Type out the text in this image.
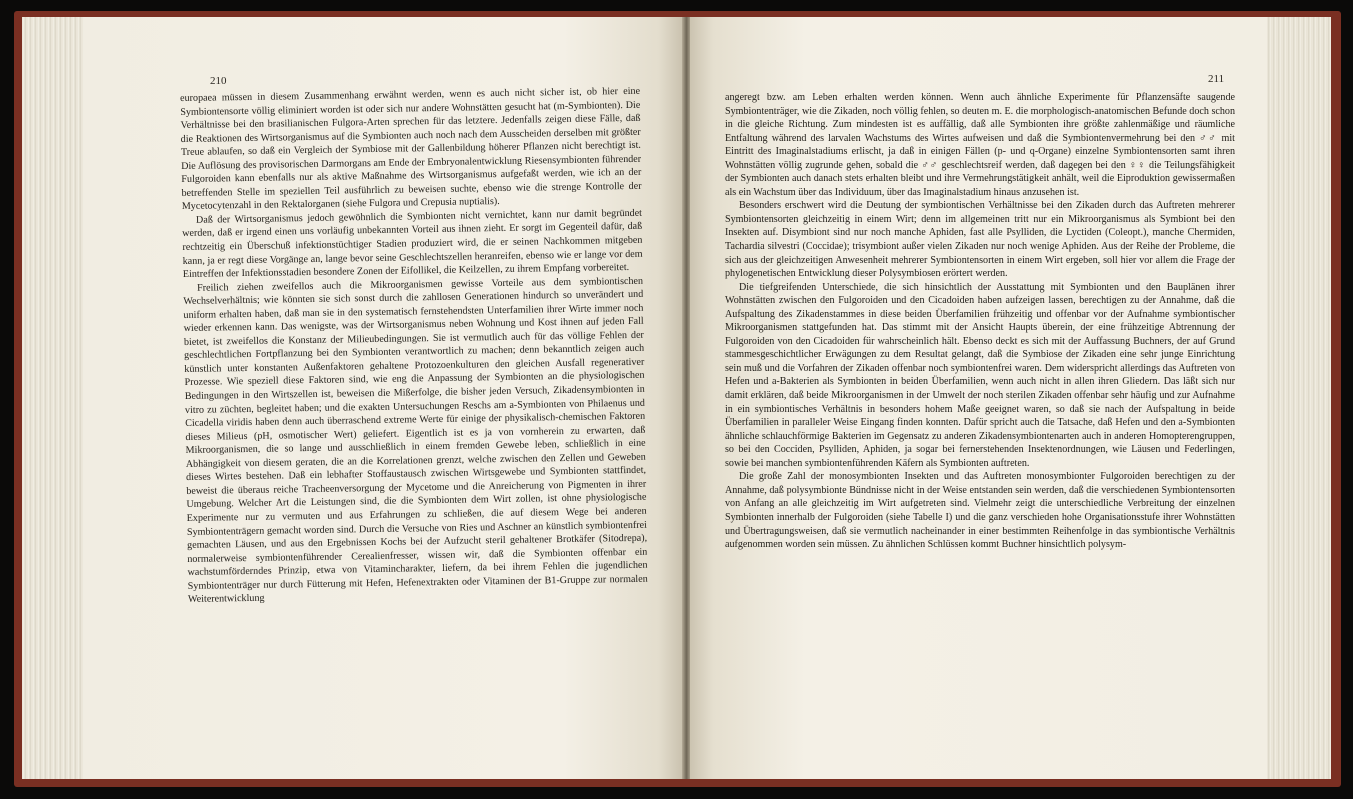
210

europaea müssen in diesem Zusammenhang erwähnt werden, wenn es auch nicht sicher ist, ob hier eine Symbiontensorte völlig eliminiert worden ist oder sich nur andere Wohnstätten gesucht hat (m-Symbionten). Die Verhältnisse bei den brasilianischen Fulgora-Arten sprechen für das letztere. Jedenfalls zeigen diese Fälle, daß die Reaktionen des Wirtsorganismus auf die Symbionten auch noch nach dem Ausscheiden derselben mit größter Treue ablaufen, so daß ein Vergleich der Symbiose mit der Gallenbildung höherer Pflanzen nicht berechtigt ist. Die Auflösung des provisorischen Darmorgans am Ende der Embryonalentwicklung Riesensymbionten führender Fulgoroiden kann ebenfalls nur als aktive Maßnahme des Wirtsorganismus aufgefaßt werden, wie ich an der betreffenden Stelle im speziellen Teil ausführlich zu beweisen suchte, ebenso wie die strenge Kontrolle der Mycetocytenzahl in den Rektalorganen (siehe Fulgora und Crepusia nuptialis).

Daß der Wirtsorganismus jedoch gewöhnlich die Symbionten nicht vernichtet, kann nur damit begründet werden, daß er irgend einen uns vorläufig unbekannten Vorteil aus ihnen zieht. Er sorgt im Gegenteil dafür, daß rechtzeitig ein Überschuß infektionstüchtiger Stadien produziert wird, die er seinen Nachkommen mitgeben kann, ja er regt diese Vorgänge an, lange bevor seine Geschlechtszellen heranreifen, ebenso wie er lange vor dem Eintreffen der Infektionsstadien besondere Zonen der Eifollikel, die Keilzellen, zu ihrem Empfang vorbereitet.

Freilich ziehen zweifellos auch die Mikroorganismen gewisse Vorteile aus dem symbiontischen Wechselverhältnis; wie könnten sie sich sonst durch die zahllosen Generationen hindurch so unverändert und uniform erhalten haben, daß man sie in den systematisch fernstehendsten Unterfamilien ihrer Wirte immer noch wieder erkennen kann. Das wenigste, was der Wirtsorganismus neben Wohnung und Kost ihnen auf jeden Fall bietet, ist zweifellos die Konstanz der Milieubedingungen. Sie ist vermutlich auch für das völlige Fehlen der geschlechtlichen Fortpflanzung bei den Symbionten verantwortlich zu machen; denn bekanntlich zeigen auch künstlich unter konstanten Außenfaktoren gehaltene Protozoenkulturen den gleichen Ausfall regenerativer Prozesse. Wie speziell diese Faktoren sind, wie eng die Anpassung der Symbionten an die physiologischen Bedingungen in den Wirtszellen ist, beweisen die Mißerfolge, die bisher jeden Versuch, Zikadensymbionten in vitro zu züchten, begleitet haben; und die exakten Untersuchungen Reschs am a-Symbionten von Philaenus und Cicadella viridis haben denn auch überraschend extreme Werte für einige der physikalisch-chemischen Faktoren dieses Milieus (pH, osmotischer Wert) geliefert. Eigentlich ist es ja von vornherein zu erwarten, daß Mikroorganismen, die so lange und ausschließlich in einem fremden Gewebe leben, schließlich in eine Abhängigkeit von diesem geraten, die an die Korrelationen grenzt, welche zwischen den Zellen und Geweben dieses Wirtes bestehen. Daß ein lebhafter Stoffaustausch zwischen Wirtsgewebe und Symbionten stattfindet, beweist die überaus reiche Tracheenversorgung der Mycetome und die Anreicherung von Pigmenten in ihrer Umgebung. Welcher Art die Leistungen sind, die die Symbionten dem Wirt zollen, ist ohne physiologische Experimente nur zu vermuten und aus Erfahrungen zu schließen, die auf diesem Wege bei anderen Symbiontenträgern gemacht worden sind. Durch die Versuche von Ries und Aschner an künstlich symbiontenfrei gemachten Läusen, und aus den Ergebnissen Kochs bei der Aufzucht steril gehaltener Brotkäfer (Sitodrepa), normalerweise symbiontenführender Cerealienfresser, wissen wir, daß die Symbionten offenbar ein wachstumförderndes Prinzip, etwa von Vitamincharakter, liefern, da bei ihrem Fehlen die jugendlichen Symbiontenträger nur durch Fütterung mit Hefen, Hefenextrakten oder Vitaminen der B1-Gruppe zur normalen Weiterentwicklung

211

angeregt bzw. am Leben erhalten werden können. Wenn auch ähnliche Experimente für Pflanzensäfte saugende Symbiontenträger, wie die Zikaden, noch völlig fehlen, so deuten m. E. die morphologisch-anatomischen Befunde doch schon in die gleiche Richtung. Zum mindesten ist es auffällig, daß alle Symbionten ihre größte zahlenmäßige und räumliche Entfaltung während des larvalen Wachstums des Wirtes aufweisen und daß die Symbiontenvermehrung bei den ♂♂ mit Eintritt des Imaginalstadiums erlischt, ja daß in einigen Fällen (p- und q-Organe) einzelne Symbiontensorten samt ihren Wohnstätten völlig zugrunde gehen, sobald die ♂♂ geschlechtsreif werden, daß dagegen bei den ♀♀ die Teilungsfähigkeit der Symbionten auch danach stets erhalten bleibt und ihre Vermehrungstätigkeit anhält, weil die Eiproduktion gewissermaßen als ein Wachstum über das Individuum, über das Imaginalstadium hinaus anzusehen ist.

Besonders erschwert wird die Deutung der symbiontischen Verhältnisse bei den Zikaden durch das Auftreten mehrerer Symbiontensorten gleichzeitig in einem Wirt; denn im allgemeinen tritt nur ein Mikroorganismus als Symbiont bei den Insekten auf. Disymbiont sind nur noch manche Aphiden, fast alle Psylliden, die Lyctiden (Coleopt.), manche Chermiden, Tachardia silvestri (Coccidae); trisymbiont außer vielen Zikaden nur noch wenige Aphiden. Aus der Reihe der Probleme, die sich aus der gleichzeitigen Anwesenheit mehrerer Symbiontensorten in einem Wirt ergeben, soll hier vor allem die Frage der phylogenetischen Entwicklung dieser Polysymbiosen erörtert werden.

Die tiefgreifenden Unterschiede, die sich hinsichtlich der Ausstattung mit Symbionten und den Bauplänen ihrer Wohnstätten zwischen den Fulgoroiden und den Cicadoiden haben aufzeigen lassen, berechtigen zu der Annahme, daß die Aufspaltung des Zikadenstammes in diese beiden Überfamilien frühzeitig und offenbar vor der Aufnahme symbiontischer Mikroorganismen stattgefunden hat. Das stimmt mit der Ansicht Haupts überein, der eine frühzeitige Abtrennung der Fulgoroiden von den Cicadoiden für wahrscheinlich hält. Ebenso deckt es sich mit der Auffassung Buchners, der auf Grund stammesgeschichtlicher Erwägungen zu dem Resultat gelangt, daß die Symbiose der Zikaden eine sehr junge Einrichtung sein muß und die Vorfahren der Zikaden offenbar noch symbiontenfrei waren. Dem widerspricht allerdings das Auftreten von Hefen und a-Bakterien als Symbionten in beiden Überfamilien, wenn auch nicht in allen ihren Gliedern. Das läßt sich nur damit erklären, daß beide Mikroorganismen in der Umwelt der noch sterilen Zikaden offenbar sehr häufig und zur Aufnahme in ein symbiontisches Verhältnis in besonders hohem Maße geeignet waren, so daß sie nach der Aufspaltung in beide Überfamilien in paralleler Weise Eingang finden konnten. Dafür spricht auch die Tatsache, daß Hefen und den a-Symbionten ähnliche schlauchförmige Bakterien im Gegensatz zu anderen Zikadensymbiontenarten auch in anderen Homopterengruppen, so bei den Cocciden, Psylliden, Aphiden, ja sogar bei fernerstehenden Insektenordnungen, wie Läusen und Federlingen, sowie bei manchen symbiontenführenden Käfern als Symbionten auftreten.

Die große Zahl der monosymbionten Insekten und das Auftreten monosymbionter Fulgoroiden berechtigen zu der Annahme, daß polysymbionte Bündnisse nicht in der Weise entstanden sein werden, daß die verschiedenen Symbiontensorten von Anfang an alle gleichzeitig im Wirt aufgetreten sind. Vielmehr zeigt die unterschiedliche Verbreitung der einzelnen Symbionten innerhalb der Fulgoroiden (siehe Tabelle I) und die ganz verschieden hohe Organisationsstufe ihrer Wohnstätten und Übertragungsweisen, daß sie vermutlich nacheinander in einer bestimmten Reihenfolge in das symbiontische Verhältnis aufgenommen worden sein müssen. Zu ähnlichen Schlüssen kommt Buchner hinsichtlich polysym-
